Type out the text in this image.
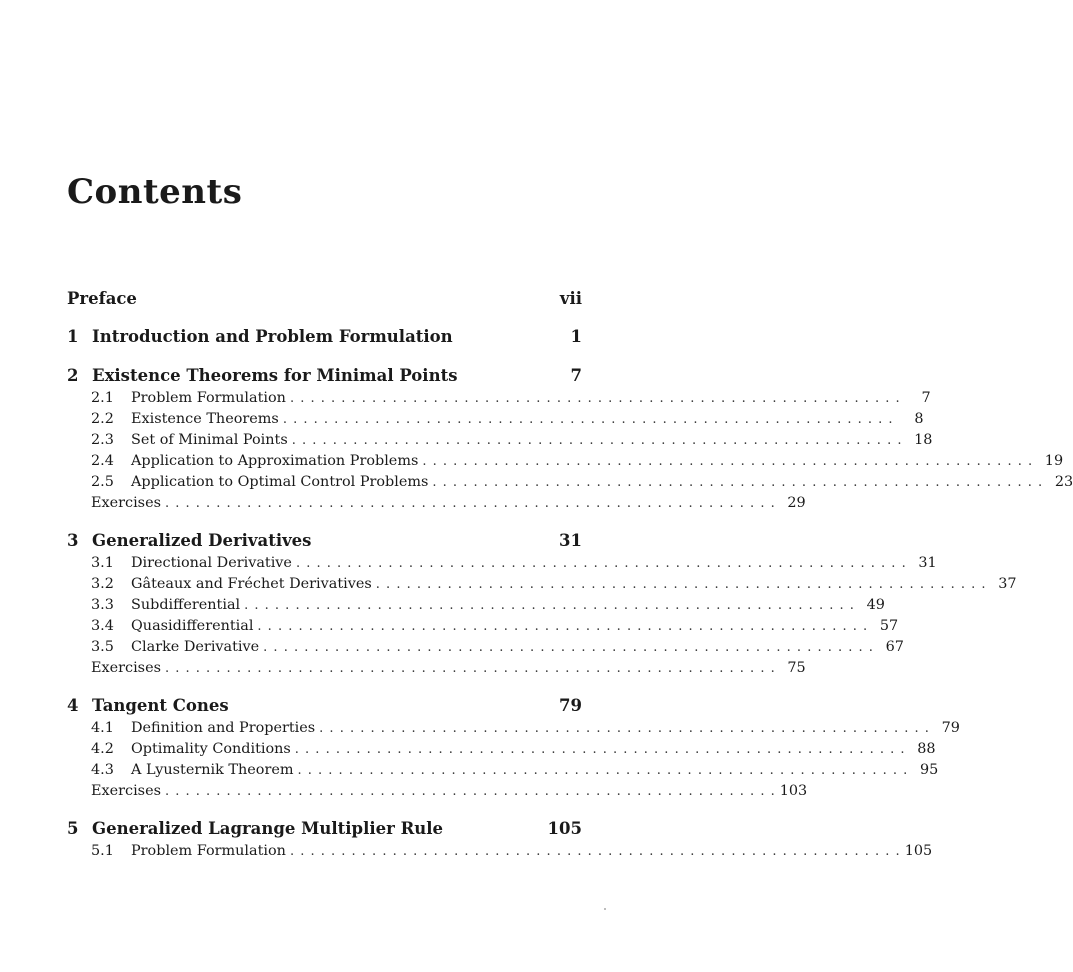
Contents
Preface	vii
1 Introduction and Problem Formulation	1
2 Existence Theorems for Minimal Points	7
2.1	Problem Formulation . . .	7
2.2	Existence Theorems . . .	8
2.3	Set of Minimal Points . . .	18
2.4	Application to Approximation Problems . . .	19
2.5	Application to Optimal Control Problems . . .	23
Exercises . . .	29
3 Generalized Derivatives	31
3.1	Directional Derivative . . .	31
3.2	Gâteaux and Fréchet Derivatives . . .	37
3.3	Subdifferential . . .	49
3.4	Quasidifferential . . .	57
3.5	Clarke Derivative . . .	67
Exercises . . .	75
4 Tangent Cones	79
4.1	Definition and Properties . . .	79
4.2	Optimality Conditions . . .	88
4.3	A Lyusternik Theorem . . .	95
Exercises . . .	103
5 Generalized Lagrange Multiplier Rule	105
5.1	Problem Formulation . . .	105
